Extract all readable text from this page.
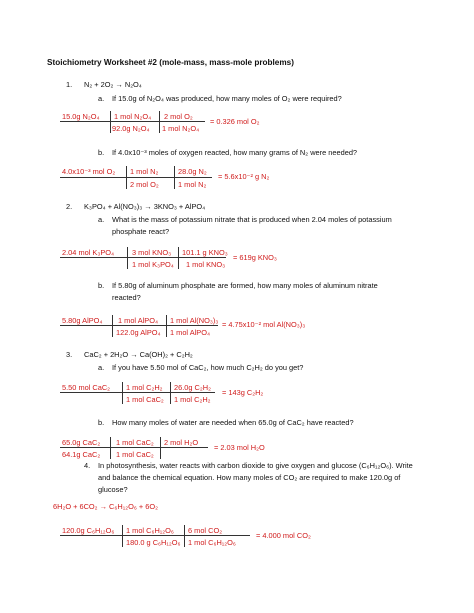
Stoichiometry Worksheet #2 (mole-mass, mass-mole problems)
1. N₂ + 2O₂ → N₂O₄
a. If 15.0g of N₂O₄ was produced, how many moles of O₂ were required?
15.0g N₂O₄ 1 mol N₂O₄ 2 mol O₂
92.0g N₂O₄ 1 mol N₂O₄
= 0.326 mol O₂
b. If 4.0x10⁻³ moles of oxygen reacted, how many grams of N₂ were needed?
4.0x10⁻³ mol O₂ 1 mol N₂	28.0g N₂
2 mol O₂	1 mol N₂
= 5.6x10⁻² g N₂
2. K₃PO₄ + Al(NO₃)₃ → 3KNO₃ + AlPO₄
a. What is the mass of potassium nitrate that is produced when 2.04 moles of potassium
phosphate react?
2.04 mol K₃PO₄ 3 mol KNO₃ 101.1 g KNO₃
1 mol K₃PO₄ 1 mol KNO₃
= 619g KNO₃
b. If 5.80g of aluminum phosphate are formed, how many moles of aluminum nitrate
reacted?
5.80g AlPO₄ 1 mol AlPO₄ 1 mol Al(NO₃)₃
122.0g AlPO₄ 1 mol AlPO₄
= 4.75x10⁻² mol Al(NO₃)₃
3. CaC₂ + 2H₂O → Ca(OH)₂ + C₂H₂
a. If you have 5.50 mol of CaC₂, how much C₂H₂ do you get?
5.50 mol CaC₂ 1 mol C₂H₂ 26.0g C₂H₂
1 mol CaC₂ 1 mol C₂H₂
= 143g C₂H₂
b. How many moles of water are needed when 65.0g of CaC₂ have reacted?
65.0g CaC₂ 1 mol CaC₂ 2 mol H₂O
64.1g CaC₂ 1 mol CaC₂
= 2.03 mol H₂O
4. In photosynthesis, water reacts with carbon dioxide to give oxygen and glucose (C₆H₁₂O₆). Write
and balance the chemical equation. How many moles of CO₂ are required to make 120.0g of
glucose?
6H₂O + 6CO₂ → C₆H₁₂O₆ + 6O₂
120.0g C₆H₁₂O₆ 1 mol C₆H₁₂O₆ 6 mol CO₂
180.0 g C₆H₁₂O₆ 1 mol C₆H₁₂O₆
= 4.000 mol CO₂
